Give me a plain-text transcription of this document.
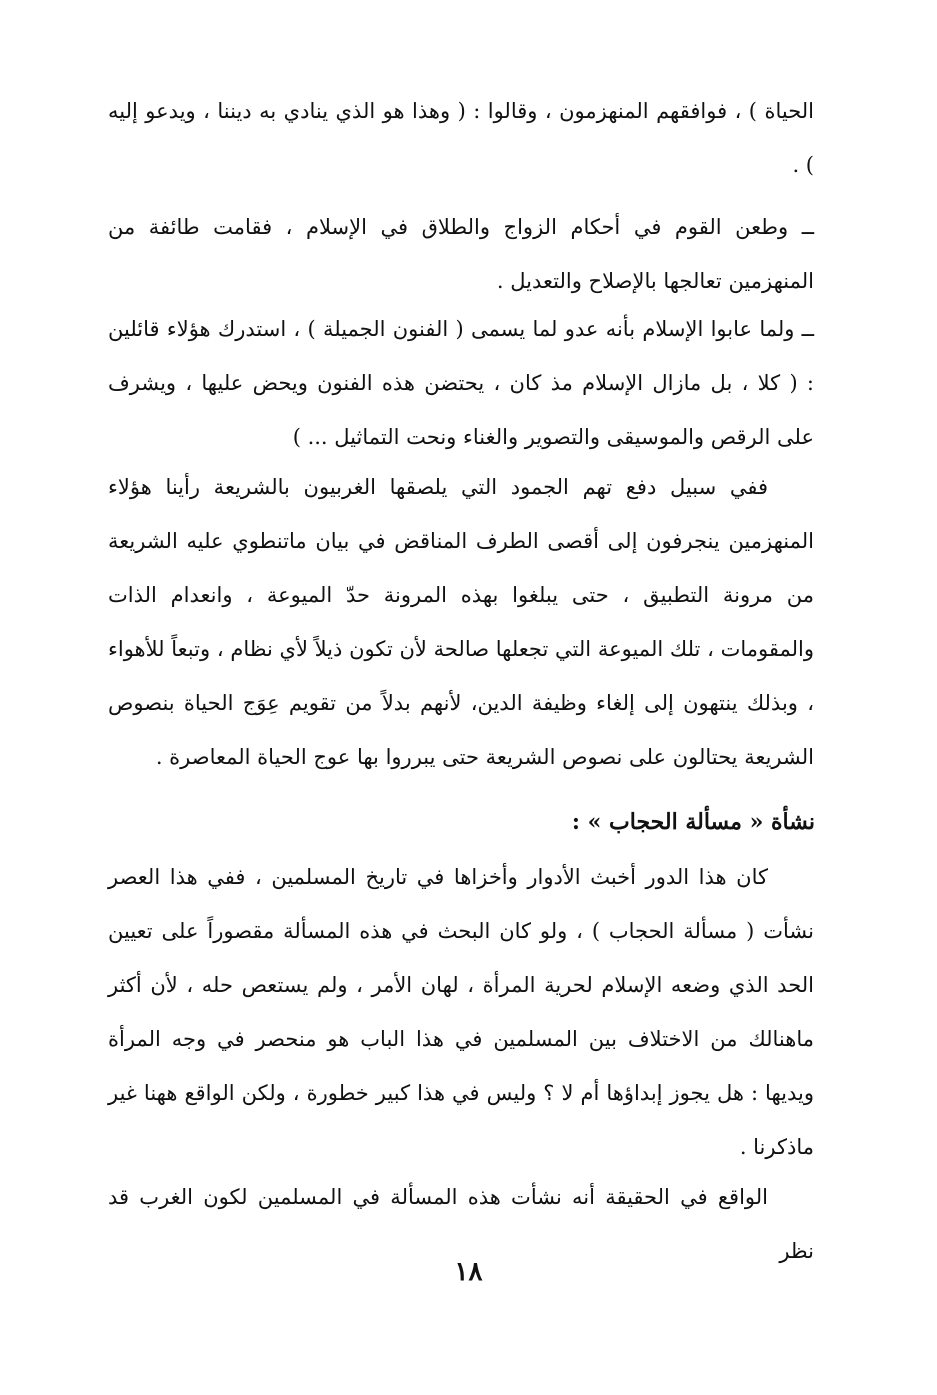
الحياة ) ، فوافقهم المنهزمون ، وقالوا : ( وهذا هو الذي ينادي به ديننا ، ويدعو إليه ) .

ــ وطعن القوم في أحكام الزواج والطلاق في الإسلام ، فقامت طائفة من المنهزمين تعالجها بالإصلاح والتعديل .

ــ ولما عابوا الإسلام بأنه عدو لما يسمى ( الفنون الجميلة ) ، استدرك هؤلاء قائلين : ( كلا ، بل مازال الإسلام مذ كان ، يحتضن هذه الفنون ويحض عليها ، ويشرف على الرقص والموسيقى والتصوير والغناء ونحت التماثيل ... )

ففي سبيل دفع تهم الجمود التي يلصقها الغربيون بالشريعة رأينا هؤلاء المنهزمين ينجرفون إلى أقصى الطرف المناقض في بيان ماتنطوي عليه الشريعة من مرونة التطبيق ، حتى يبلغوا بهذه المرونة حدّ الميوعة ، وانعدام الذات والمقومات ، تلك الميوعة التي تجعلها صالحة لأن تكون ذيلاً لأي نظام ، وتبعاً للأهواء ، وبذلك ينتهون إلى إلغاء وظيفة الدين، لأنهم بدلاً من تقويم عِوَج الحياة بنصوص الشريعة يحتالون على نصوص الشريعة حتى يبرروا بها عوج الحياة المعاصرة .

نشأة « مسألة الحجاب » :

كان هذا الدور أخبث الأدوار وأخزاها في تاريخ المسلمين ، ففي هذا العصر نشأت ( مسألة الحجاب ) ، ولو كان البحث في هذه المسألة مقصوراً على تعيين الحد الذي وضعه الإسلام لحرية المرأة ، لهان الأمر ، ولم يستعص حله ، لأن أكثر ماهنالك من الاختلاف بين المسلمين في هذا الباب هو منحصر في وجه المرأة ويديها : هل يجوز إبداؤها أم لا ؟ وليس في هذا كبير خطورة ، ولكن الواقع ههنا غير ماذكرنا .

الواقع في الحقيقة أنه نشأت هذه المسألة في المسلمين لكون الغرب قد نظر

١٨
